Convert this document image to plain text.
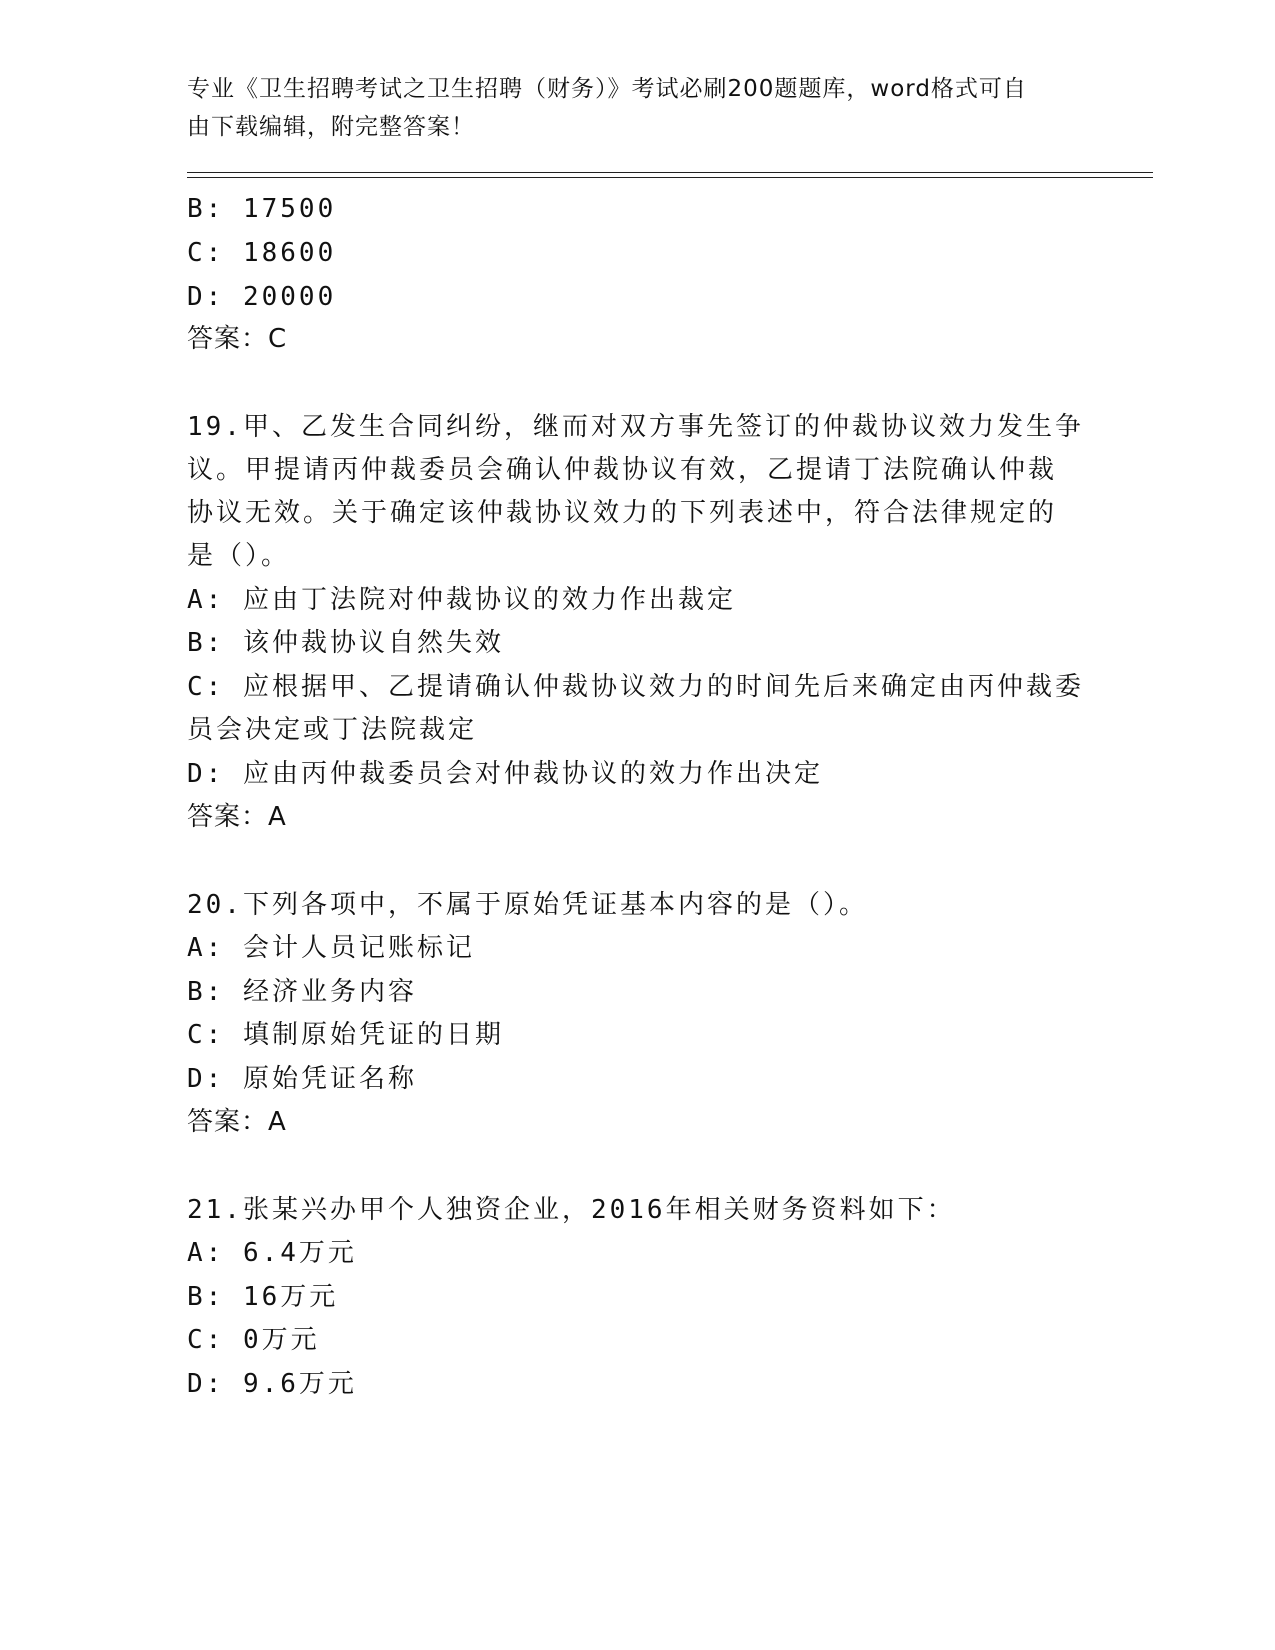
专业《卫生招聘考试之卫生招聘（财务）》考试必刷200题题库，word格式可自
由下载编辑，附完整答案！
B: 17500
C: 18600
D: 20000
答案：C
19.甲、乙发生合同纠纷，继而对双方事先签订的仲裁协议效力发生争
议。甲提请丙仲裁委员会确认仲裁协议有效，乙提请丁法院确认仲裁
协议无效。关于确定该仲裁协议效力的下列表述中，符合法律规定的
是（）。
A: 应由丁法院对仲裁协议的效力作出裁定
B: 该仲裁协议自然失效
C: 应根据甲、乙提请确认仲裁协议效力的时间先后来确定由丙仲裁委
员会决定或丁法院裁定
D: 应由丙仲裁委员会对仲裁协议的效力作出决定
答案：A
20.下列各项中，不属于原始凭证基本内容的是（）。
A: 会计人员记账标记
B: 经济业务内容
C: 填制原始凭证的日期
D: 原始凭证名称
答案：A
21.张某兴办甲个人独资企业，2016年相关财务资料如下：
A: 6.4万元
B: 16万元
C: 0万元
D: 9.6万元
